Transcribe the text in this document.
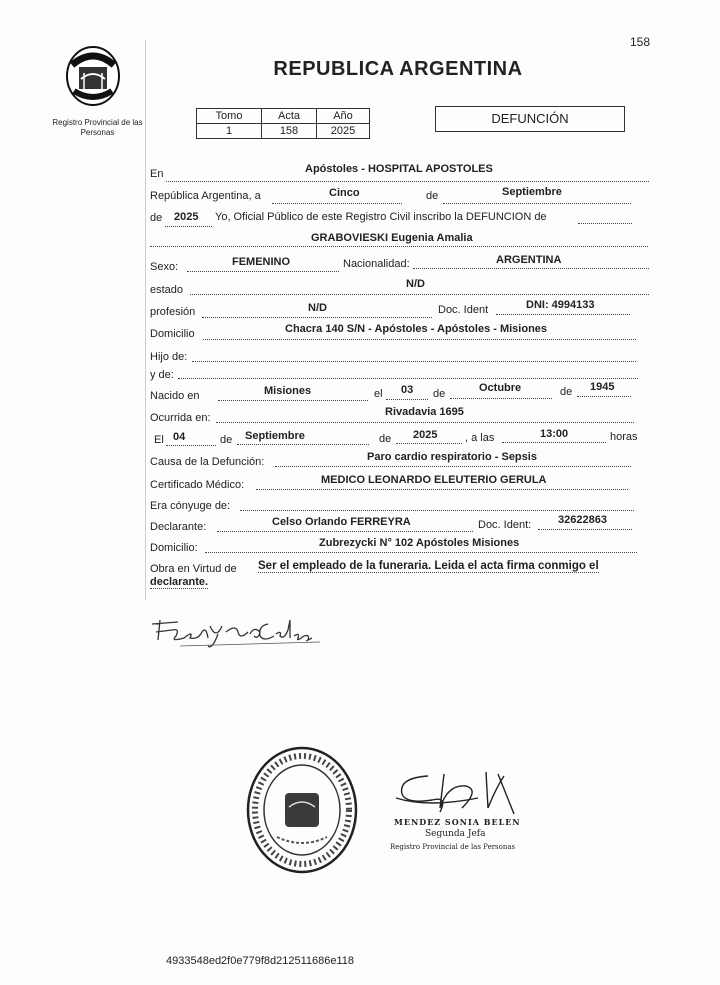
158
Registro Provincial de las Personas
REPUBLICA ARGENTINA
Tomo	Acta	Año
1	158	2025
DEFUNCIÓN
En	Apóstoles - HOSPITAL APOSTOLES
República Argentina, a	Cinco	de	Septiembre
de 2025 Yo, Oficial Público de este Registro Civil inscribo la DEFUNCION de
GRABOVIESKI Eugenia Amalia
Sexo:	FEMENINO	Nacionalidad:	ARGENTINA
estado	N/D
profesión	N/D	Doc. Ident	DNI: 4994133
Domicilio	Chacra 140 S/N - Apóstoles - Apóstoles - Misiones
Hijo de:
y de:
Nacido en	Misiones	el 03 de	Octubre	de 1945
Ocurrida en:	Rivadavia 1695
El 04	de Septiembre	de 2025	, a las	13:00	horas
Causa de la Defunción:	Paro cardio respiratorio - Sepsis
Certificado Médico:	MEDICO LEONARDO ELEUTERIO GERULA
Era cónyuge de:
Declarante:	Celso Orlando FERREYRA	Doc. Ident: 32622863
Domicilio:	Zubrezycki N° 102 Apóstoles Misiones
Obra en Virtud de Ser el empleado de la funeraria. Leida el acta firma conmigo el
declarante.
MENDEZ SONIA BELEN
Segunda Jefa
Registro Provincial de las Personas
4933548ed2f0e779f8d212511686e118
